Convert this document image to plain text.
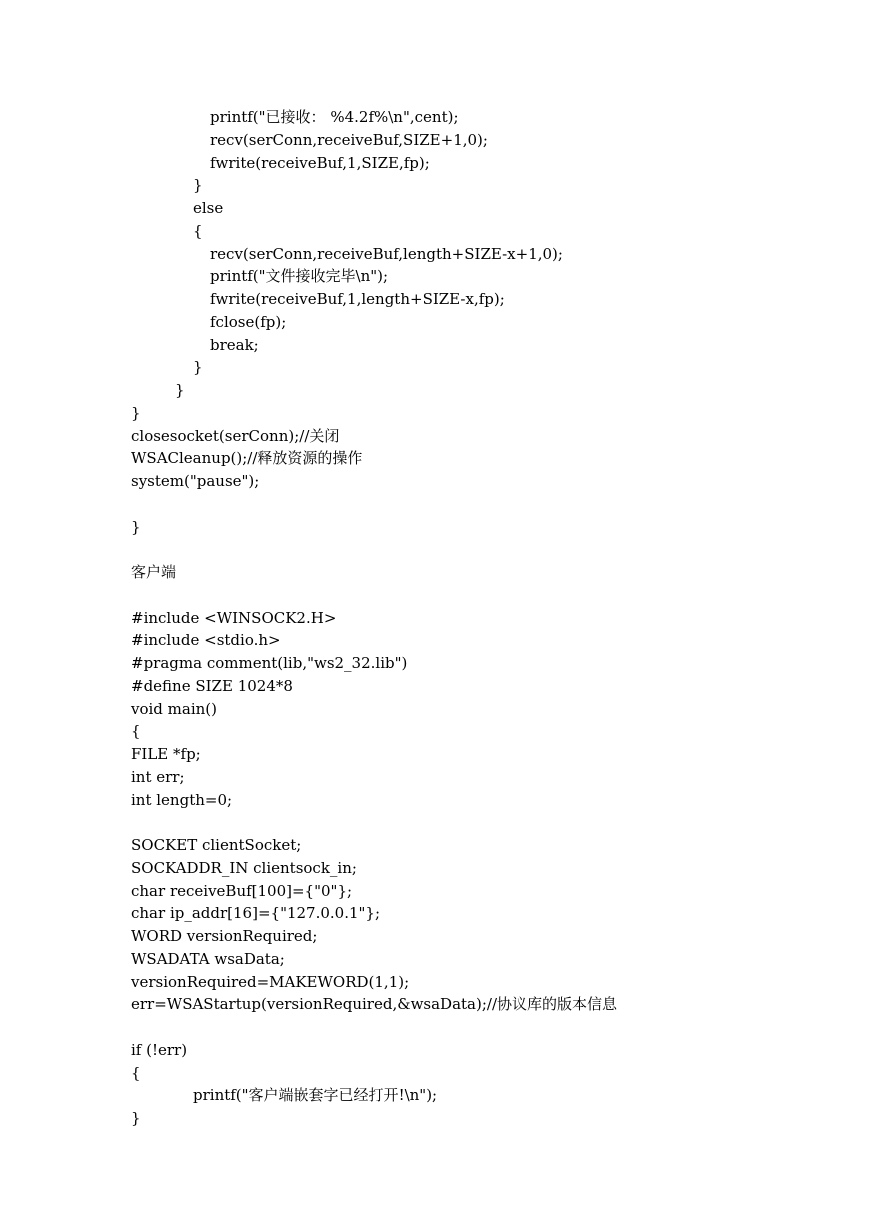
printf("已接收： %4.2f%\n",cent);
recv(serConn,receiveBuf,SIZE+1,0);
fwrite(receiveBuf,1,SIZE,fp);
}
else
{
recv(serConn,receiveBuf,length+SIZE-x+1,0);
printf("文件接收完毕\n");
fwrite(receiveBuf,1,length+SIZE-x,fp);
fclose(fp);
break;
}
}
}
closesocket(serConn);//关闭
WSACleanup();//释放资源的操作
system("pause");
}
客户端
#include <WINSOCK2.H>
#include <stdio.h>
#pragma comment(lib,"ws2_32.lib")
#define SIZE 1024*8
void main()
{
FILE *fp;
int err;
int length=0;
SOCKET clientSocket;
SOCKADDR_IN clientsock_in;
char receiveBuf[100]={"0"};
char ip_addr[16]={"127.0.0.1"};
WORD versionRequired;
WSADATA wsaData;
versionRequired=MAKEWORD(1,1);
err=WSAStartup(versionRequired,&wsaData);//协议库的版本信息
if (!err)
{
printf("客户端嵌套字已经打开!\n");
}
